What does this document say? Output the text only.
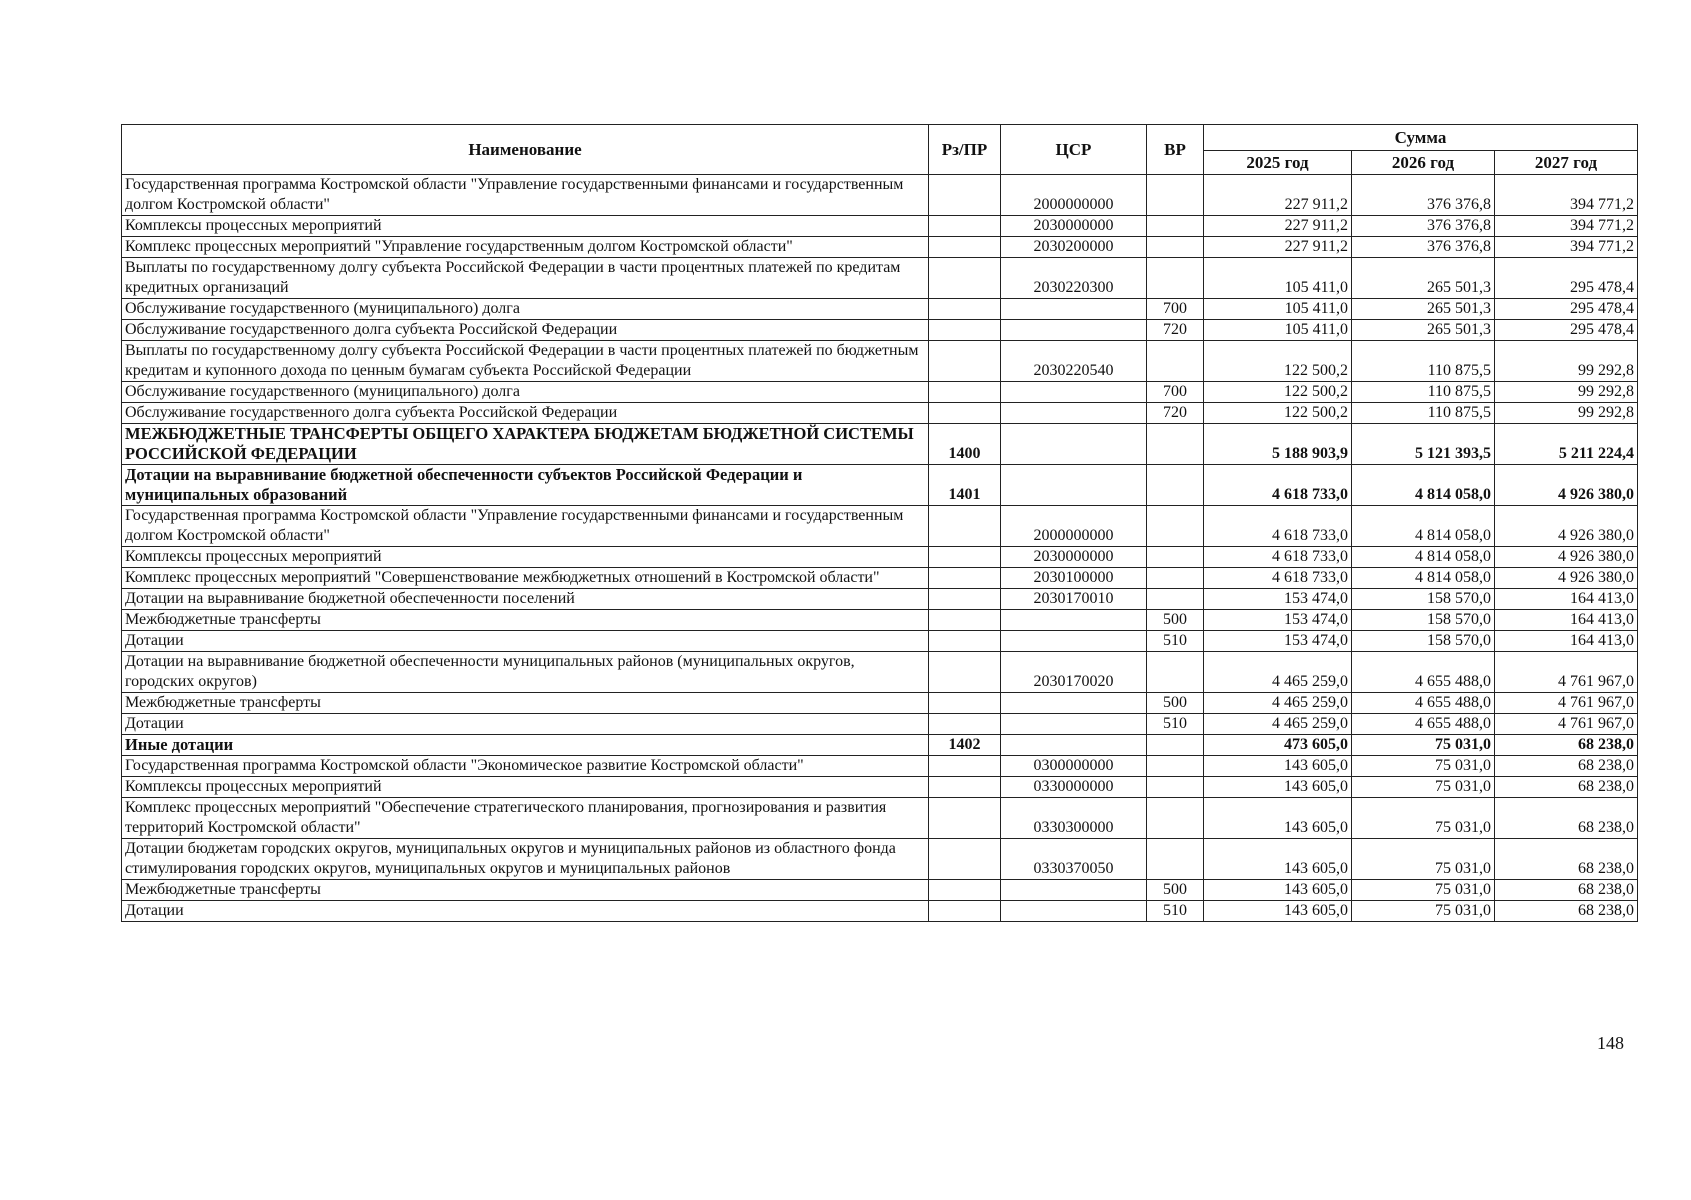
Наименование	Рз/ПР	ЦСР	ВР	Сумма		
				2025 год	2026 год	2027 год
Государственная программа Костромской области "Управление государственными финансами и государственным долгом Костромской области"		2000000000		227 911,2	376 376,8	394 771,2
Комплексы процессных мероприятий		2030000000		227 911,2	376 376,8	394 771,2
Комплекс процессных мероприятий "Управление государственным долгом Костромской области"		2030200000		227 911,2	376 376,8	394 771,2
Выплаты по государственному долгу субъекта Российской Федерации в части процентных платежей по кредитам кредитных организаций		2030220300		105 411,0	265 501,3	295 478,4
Обслуживание государственного (муниципального) долга			700	105 411,0	265 501,3	295 478,4
Обслуживание государственного долга субъекта Российской Федерации			720	105 411,0	265 501,3	295 478,4
Выплаты по государственному долгу субъекта Российской Федерации в части процентных платежей по бюджетным кредитам и купонного дохода по ценным бумагам субъекта Российской Федерации		2030220540		122 500,2	110 875,5	99 292,8
Обслуживание государственного (муниципального) долга			700	122 500,2	110 875,5	99 292,8
Обслуживание государственного долга субъекта Российской Федерации			720	122 500,2	110 875,5	99 292,8
МЕЖБЮДЖЕТНЫЕ ТРАНСФЕРТЫ ОБЩЕГО ХАРАКТЕРА БЮДЖЕТАМ БЮДЖЕТНОЙ СИСТЕМЫ РОССИЙСКОЙ ФЕДЕРАЦИИ	1400			5 188 903,9	5 121 393,5	5 211 224,4
Дотации на выравнивание бюджетной обеспеченности субъектов Российской Федерации и муниципальных образований	1401			4 618 733,0	4 814 058,0	4 926 380,0
Государственная программа Костромской области "Управление государственными финансами и государственным долгом Костромской области"		2000000000		4 618 733,0	4 814 058,0	4 926 380,0
Комплексы процессных мероприятий		2030000000		4 618 733,0	4 814 058,0	4 926 380,0
Комплекс процессных мероприятий "Совершенствование межбюджетных отношений в Костромской области"		2030100000		4 618 733,0	4 814 058,0	4 926 380,0
Дотации на выравнивание бюджетной обеспеченности поселений		2030170010		153 474,0	158 570,0	164 413,0
Межбюджетные трансферты			500	153 474,0	158 570,0	164 413,0
Дотации			510	153 474,0	158 570,0	164 413,0
Дотации на выравнивание бюджетной обеспеченности муниципальных районов (муниципальных округов, городских округов)		2030170020		4 465 259,0	4 655 488,0	4 761 967,0
Межбюджетные трансферты			500	4 465 259,0	4 655 488,0	4 761 967,0
Дотации			510	4 465 259,0	4 655 488,0	4 761 967,0
Иные дотации	1402			473 605,0	75 031,0	68 238,0
Государственная программа Костромской области "Экономическое развитие Костромской области"		0300000000		143 605,0	75 031,0	68 238,0
Комплексы процессных мероприятий		0330000000		143 605,0	75 031,0	68 238,0
Комплекс процессных мероприятий "Обеспечение стратегического планирования, прогнозирования и развития территорий Костромской области"		0330300000		143 605,0	75 031,0	68 238,0
Дотации бюджетам городских округов, муниципальных округов и муниципальных районов из областного фонда стимулирования городских округов, муниципальных округов и муниципальных районов		0330370050		143 605,0	75 031,0	68 238,0
Межбюджетные трансферты			500	143 605,0	75 031,0	68 238,0
Дотации			510	143 605,0	75 031,0	68 238,0
148
